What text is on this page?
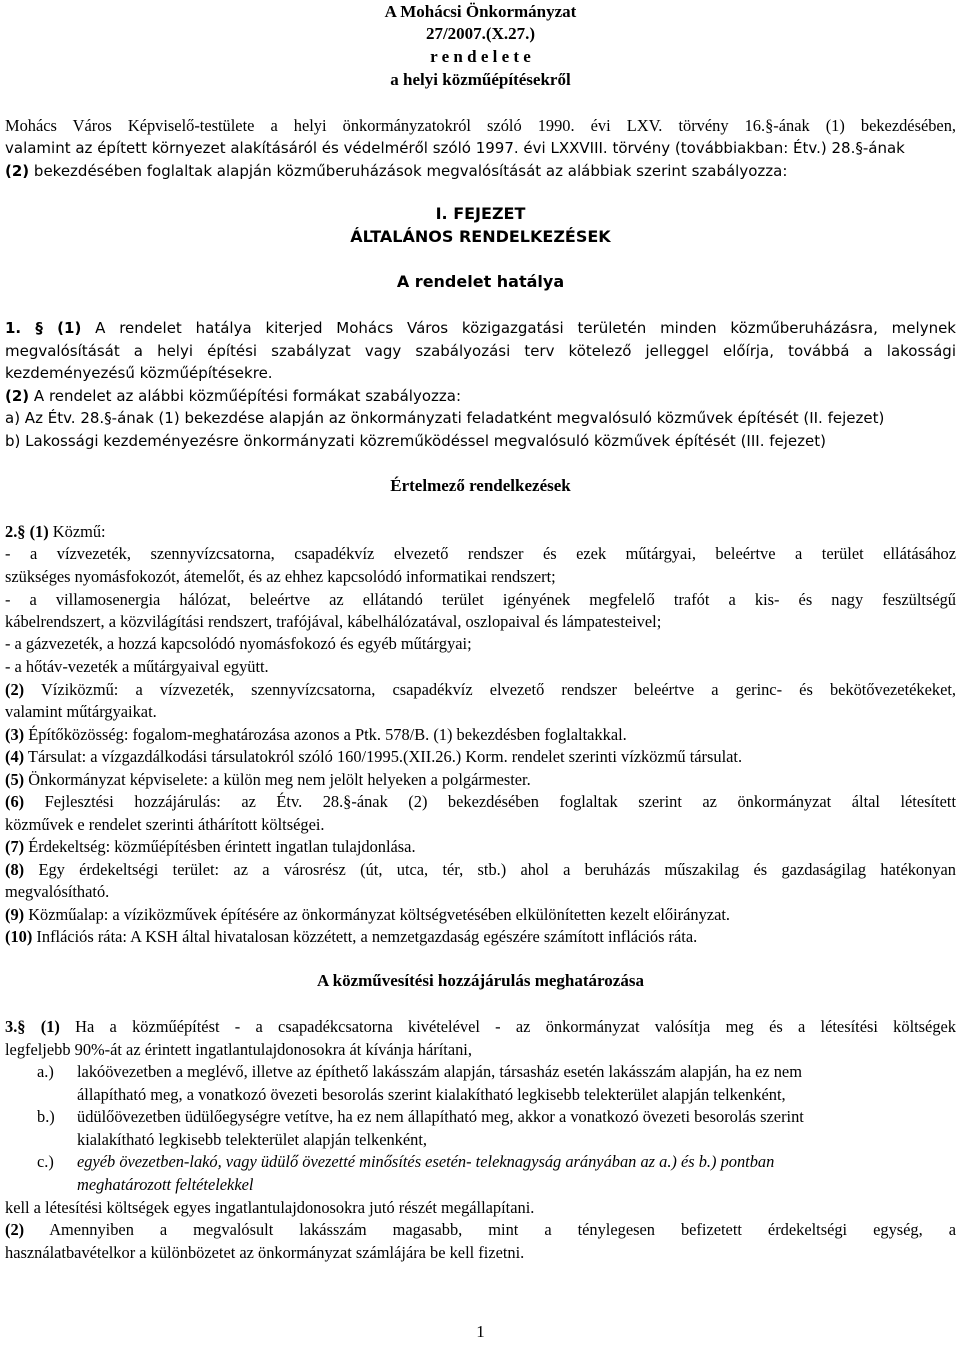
A Mohácsi Önkormányzat
27/2007.(X.27.)
r e n d e l e t e
a helyi közműépítésekről
Mohács Város Képviselő-testülete a helyi önkormányzatokról szóló 1990. évi LXV. törvény 16.§-ának (1) bekezdésében,
valamint az épített környezet alakításáról és védelméről szóló 1997. évi LXXVIII. törvény (továbbiakban: Étv.) 28.§-ának
(2) bekezdésében foglaltak alapján közműberuházások megvalósítását az alábbiak szerint szabályozza:
I. FEJEZET
ÁLTALÁNOS RENDELKEZÉSEK
A rendelet hatálya
1. § (1) A rendelet hatálya kiterjed Mohács Város közigazgatási területén minden közműberuházásra, melynek
megvalósítását a helyi építési szabályzat vagy szabályozási terv kötelező jelleggel előírja, továbbá a lakossági
kezdeményezésű közműépítésekre.
(2) A rendelet az alábbi közműépítési formákat szabályozza:
a) Az Étv. 28.§-ának (1) bekezdése alapján az önkormányzati feladatként megvalósuló közművek építését (II. fejezet)
b) Lakossági kezdeményezésre önkormányzati közreműködéssel megvalósuló közművek építését (III. fejezet)
Értelmező rendelkezések
2.§ (1) Közmű:
- a vízvezeték, szennyvízcsatorna, csapadékvíz elvezető rendszer és ezek műtárgyai, beleértve a terület ellátásához
szükséges nyomásfokozót, átemelőt, és az ehhez kapcsolódó informatikai rendszert;
- a villamosenergia hálózat, beleértve az ellátandó terület igényének megfelelő trafót a kis- és nagy feszültségű
kábelrendszert, a közvilágítási rendszert, trafójával, kábelhálózatával, oszlopaival és lámpatesteivel;
- a gázvezeték, a hozzá kapcsolódó nyomásfokozó és egyéb műtárgyai;
- a hőtáv-vezeték a műtárgyaival együtt.
(2) Víziközmű: a vízvezeték, szennyvízcsatorna, csapadékvíz elvezető rendszer beleértve a gerinc- és bekötővezetékeket,
valamint műtárgyaikat.
(3) Építőközösség: fogalom-meghatározása azonos a Ptk. 578/B. (1) bekezdésben foglaltakkal.
(4) Társulat: a vízgazdálkodási társulatokról szóló 160/1995.(XII.26.) Korm. rendelet szerinti vízközmű társulat.
(5) Önkormányzat képviselete: a külön meg nem jelölt helyeken a polgármester.
(6) Fejlesztési hozzájárulás: az Étv. 28.§-ának (2) bekezdésében foglaltak szerint az önkormányzat által létesített
közművek e rendelet szerinti áthárított költségei.
(7) Érdekeltség: közműépítésben érintett ingatlan tulajdonlása.
(8) Egy érdekeltségi terület: az a városrész (út, utca, tér, stb.) ahol a beruházás műszakilag és gazdaságilag hatékonyan
megvalósítható.
(9) Közműalap: a víziközművek építésére az önkormányzat költségvetésében elkülönítetten kezelt előirányzat.
(10) Inflációs ráta: A KSH által hivatalosan közzétett, a nemzetgazdaság egészére számított inflációs ráta.
A közművesítési hozzájárulás meghatározása
3.§ (1) Ha a közműépítést - a csapadékcsatorna kivételével - az önkormányzat valósítja meg és a létesítési költségek
legfeljebb 90%-át az érintett ingatlantulajdonosokra át kívánja hárítani,
a.) lakóövezetben a meglévő, illetve az építhető lakásszám alapján, társasház esetén lakásszám alapján, ha ez nem
állapítható meg, a vonatkozó övezeti besorolás szerint kialakítható legkisebb telekterület alapján telkenként,
b.) üdülőövezetben üdülőegységre vetítve, ha ez nem állapítható meg, akkor a vonatkozó övezeti besorolás szerint
kialakítható legkisebb telekterület alapján telkenként,
c.) egyéb övezetben-lakó, vagy üdülő övezetté minősítés esetén- teleknagyság arányában az a.) és b.) pontban
meghatározott feltételekkel
kell a létesítési költségek egyes ingatlantulajdonosokra jutó részét megállapítani.
(2) Amennyiben a megvalósult lakásszám magasabb, mint a ténylegesen befizetett érdekeltségi egység, a
használatbavételkor a különbözetet az önkormányzat számlájára be kell fizetni.
1
